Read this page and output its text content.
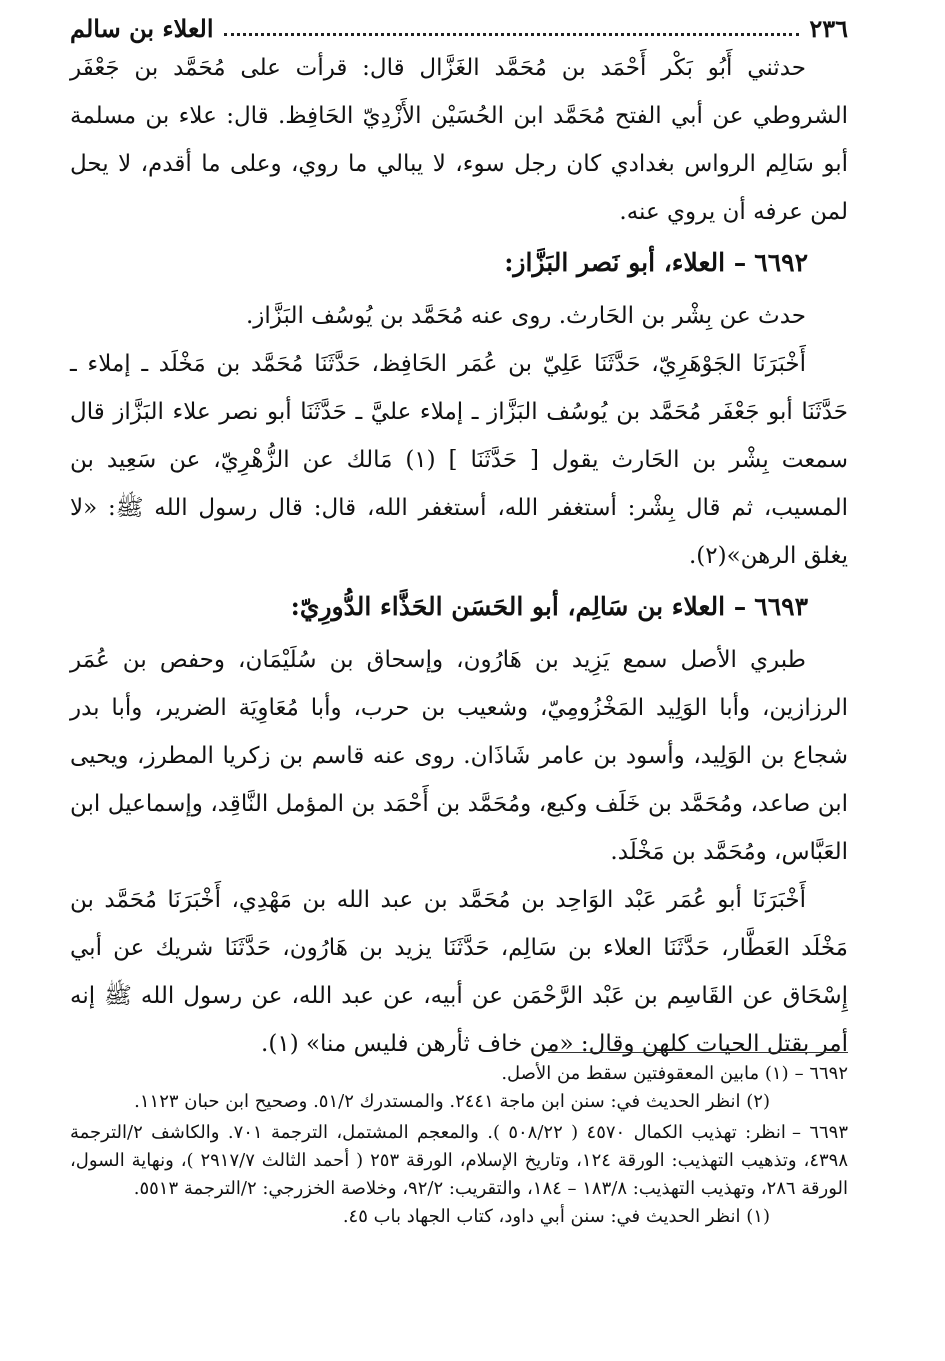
٢٣٦
العلاء بن سالم

حدثني أَبُو بَكْر أَحْمَد بن مُحَمَّد الغَزَّال قال: قرأت على مُحَمَّد بن جَعْفَر الشروطي عن أبي الفتح مُحَمَّد ابن الحُسَيْن الأَزْدِيّ الحَافِظ. قال: علاء بن مسلمة أبو سَالِم الرواس بغدادي كان رجل سوء، لا يبالي ما روي، وعلى ما أقدم، لا يحل لمن عرفه أن يروي عنه.

٦٦٩٢– العلاء، أبو نَصر البَزَّاز:

حدث عن بِشْر بن الحَارث. روى عنه مُحَمَّد بن يُوسُف البَزَّاز.

أَخْبَرَنَا الجَوْهَرِيّ، حَدَّثَنَا عَلِيّ بن عُمَر الحَافِظ، حَدَّثَنَا مُحَمَّد بن مَخْلَد ـ إملاء ـ حَدَّثَنَا أبو جَعْفَر مُحَمَّد بن يُوسُف البَزَّاز ـ إملاء عليَّ ـ حَدَّثَنَا أبو نصر علاء البَزَّاز قال سمعت بِشْر بن الحَارث يقول [ حَدَّثَنَا ] (١) مَالك عن الزُّهْرِيّ، عن سَعِيد بن المسيب، ثم قال بِشْر: أستغفر الله، أستغفر الله، قال: قال رسول الله ﷺ: «لا يغلق الرهن»(٢).

٦٦٩٣– العلاء بن سَالِم، أبو الحَسَن الحَذَّاء الدُّورِيّ:

طبري الأصل سمع يَزِيد بن هَارُون، وإسحاق بن سُلَيْمَان، وحفص بن عُمَر الرزازين، وأبا الوَلِيد المَخْزُومِيّ، وشعيب بن حرب، وأبا مُعَاوِيَة الضرير، وأبا بدر شجاع بن الوَلِيد، وأسود بن عامر شَاذَان. روى عنه قاسم بن زكريا المطرز، ويحيى ابن صاعد، ومُحَمَّد بن خَلَف وكيع، ومُحَمَّد بن أَحْمَد بن المؤمل النَّاقِد، وإسماعيل ابن العَبَّاس، ومُحَمَّد بن مَخْلَد.

أَخْبَرَنَا أبو عُمَر عَبْد الوَاحِد بن مُحَمَّد بن عبد الله بن مَهْدِي، أَخْبَرَنَا مُحَمَّد بن مَخْلَد العَطَّار، حَدَّثَنَا العلاء بن سَالِم، حَدَّثَنَا يزيد بن هَارُون، حَدَّثَنَا شريك عن أبي إِسْحَاق عن القَاسِم بن عَبْد الرَّحْمَن عن أبيه، عن عبد الله، عن رسول الله ﷺ إنه أمر بقتل الحيات كلهن وقال: «من خاف ثأرهن فليس منا» (١).

٦٦٩٢ –(١) مابين المعقوفتين سقط من الأصل.
(٢) انظر الحديث في: سنن ابن ماجة ٢٤٤١. والمستدرك ٥١/٢. وصحيح ابن حبان ١١٢٣.
٦٦٩٣ –انظر: تهذيب الكمال ٤٥٧٠ ( ٥٠٨/٢٢ ). والمعجم المشتمل، الترجمة ٧٠١. والكاشف ٢/الترجمة ٤٣٩٨، وتذهيب التهذيب: الورقة ١٢٤، وتاريخ الإسلام، الورقة ٢٥٣ ( أحمد الثالث ٢٩١٧/٧ )، ونهاية السول، الورقة ٢٨٦، وتهذيب التهذيب: ١٨٣/٨ – ١٨٤، والتقريب: ٩٢/٢، وخلاصة الخزرجي: ٢/الترجمة ٥٥١٣.
(١) انظر الحديث في: سنن أبي داود، كتاب الجهاد باب ٤٥.
